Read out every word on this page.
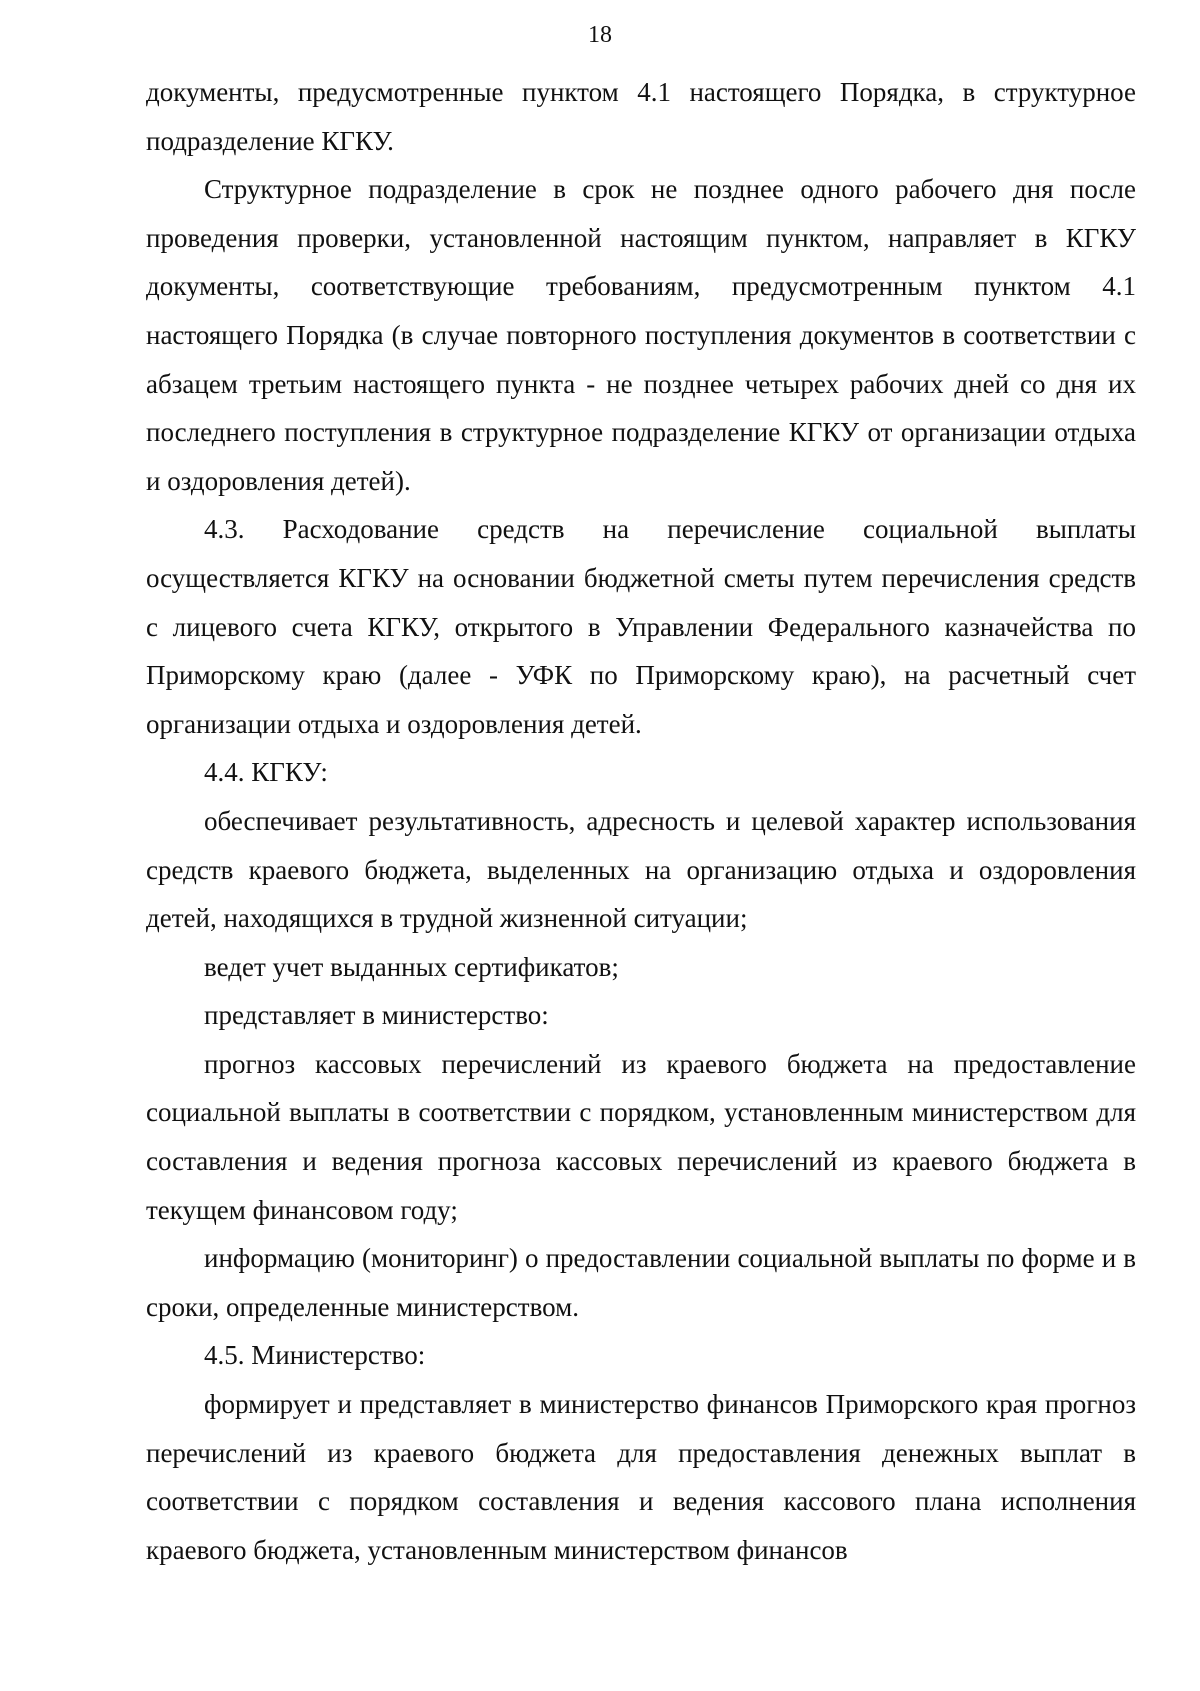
18

документы, предусмотренные пунктом 4.1 настоящего Порядка, в структурное подразделение КГКУ.

Структурное подразделение в срок не позднее одного рабочего дня после проведения проверки, установленной настоящим пунктом, направляет в КГКУ документы, соответствующие требованиям, предусмотренным пунктом 4.1 настоящего Порядка (в случае повторного поступления документов в соответствии с абзацем третьим настоящего пункта - не позднее четырех рабочих дней со дня их последнего поступления в структурное подразделение КГКУ от организации отдыха и оздоровления детей).

4.3. Расходование средств на перечисление социальной выплаты осуществляется КГКУ на основании бюджетной сметы путем перечисления средств с лицевого счета КГКУ, открытого в Управлении Федерального казначейства по Приморскому краю (далее - УФК по Приморскому краю), на расчетный счет организации отдыха и оздоровления детей.

4.4. КГКУ:

обеспечивает результативность, адресность и целевой характер использования средств краевого бюджета, выделенных на организацию отдыха и оздоровления детей, находящихся в трудной жизненной ситуации;

ведет учет выданных сертификатов;

представляет в министерство:

прогноз кассовых перечислений из краевого бюджета на предоставление социальной выплаты в соответствии с порядком, установленным министерством для составления и ведения прогноза кассовых перечислений из краевого бюджета в текущем финансовом году;

информацию (мониторинг) о предоставлении социальной выплаты по форме и в сроки, определенные министерством.

4.5. Министерство:

формирует и представляет в министерство финансов Приморского края прогноз перечислений из краевого бюджета для предоставления денежных выплат в соответствии с порядком составления и ведения кассового плана исполнения краевого бюджета, установленным министерством финансов
